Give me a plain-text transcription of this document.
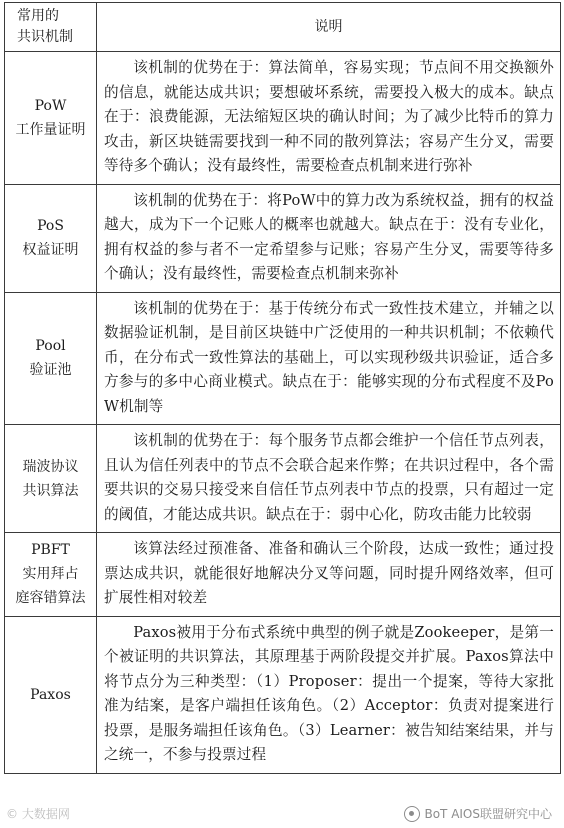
常用的
共识机制	说明

PoW
工作量证明	该机制的优势在于：算法简单，容易实现；节点间不用交换额外的信息，就能达成共识；要想破坏系统，需要投入极大的成本。缺点在于：浪费能源，无法缩短区块的确认时间；为了减少比特币的算力攻击，新区块链需要找到一种不同的散列算法；容易产生分叉，需要等待多个确认；没有最终性，需要检查点机制来进行弥补

PoS
权益证明	该机制的优势在于：将PoW中的算力改为系统权益，拥有的权益越大，成为下一个记账人的概率也就越大。缺点在于：没有专业化，拥有权益的参与者不一定希望参与记账；容易产生分叉，需要等待多个确认；没有最终性，需要检查点机制来弥补

Pool
验证池	该机制的优势在于：基于传统分布式一致性技术建立，并辅之以数据验证机制，是目前区块链中广泛使用的一种共识机制；不依赖代币，在分布式一致性算法的基础上，可以实现秒级共识验证，适合多方参与的多中心商业模式。缺点在于：能够实现的分布式程度不及PoW机制等

瑞波协议
共识算法	该机制的优势在于：每个服务节点都会维护一个信任节点列表，且认为信任列表中的节点不会联合起来作弊；在共识过程中，各个需要共识的交易只接受来自信任节点列表中节点的投票，只有超过一定的阈值，才能达成共识。缺点在于：弱中心化，防攻击能力比较弱

PBFT
实用拜占
庭容错算法	该算法经过预准备、准备和确认三个阶段，达成一致性；通过投票达成共识，就能很好地解决分叉等问题，同时提升网络效率，但可扩展性相对较差

Paxos	Paxos被用于分布式系统中典型的例子就是Zookeeper，是第一个被证明的共识算法，其原理基于两阶段提交并扩展。Paxos算法中将节点分为三种类型：（1）Proposer：提出一个提案，等待大家批准为结案，是客户端担任该角色。（2）Acceptor：负责对提案进行投票，是服务端担任该角色。（3）Learner：被告知结案结果，并与之统一，不参与投票过程

© 大数据网	BoT AIOS联盟研究中心
